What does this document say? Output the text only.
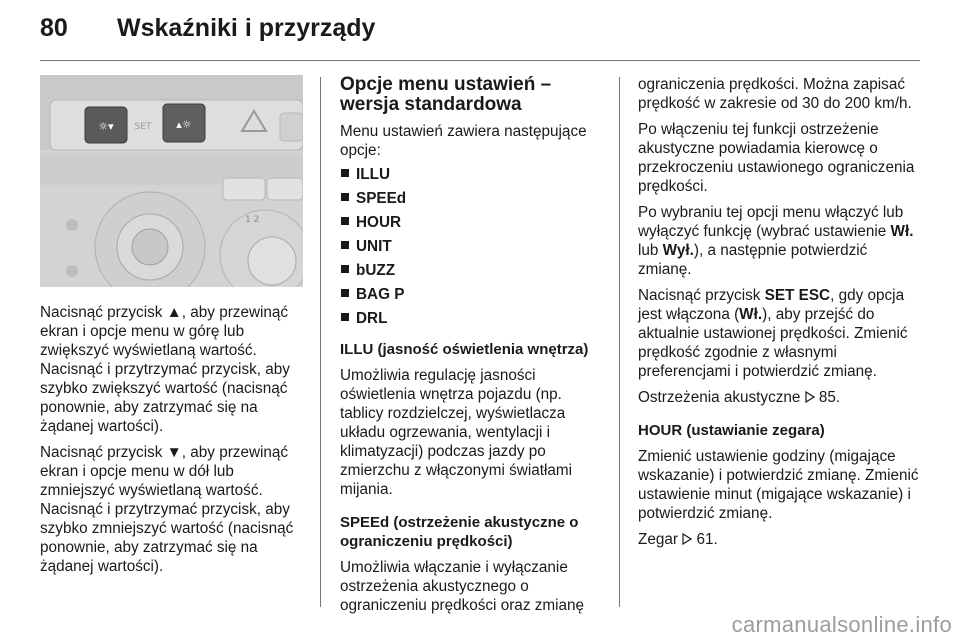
80 Wskaźniki i przyrządy
☼▾	▴☼
SET
1 2

Nacisnąć przycisk ▲, aby przewinąć ekran i opcje menu w górę lub zwiększyć wyświetlaną wartość. Nacisnąć i przytrzymać przycisk, aby szybko zwiększyć wartość (nacisnąć ponownie, aby zatrzymać się na żądanej wartości).

Nacisnąć przycisk ▼, aby przewinąć ekran i opcje menu w dół lub zmniejszyć wyświetlaną wartość. Nacisnąć i przytrzymać przycisk, aby szybko zmniejszyć wartość (nacisnąć ponownie, aby zatrzymać się na żądanej wartości).

Opcje menu ustawień – wersja standardowa

Menu ustawień zawiera następujące opcje:

ILLU
SPEEd
HOUR
UNIT
bUZZ
BAG P
DRL

ILLU (jasność oświetlenia wnętrza)

Umożliwia regulację jasności oświetlenia wnętrza pojazdu (np. tablicy rozdzielczej, wyświetlacza układu ogrzewania, wentylacji i klimatyzacji) podczas jazdy po zmierzchu z włączonymi światłami mijania.

SPEEd (ostrzeżenie akustyczne o ograniczeniu prędkości)

Umożliwia włączanie i wyłączanie ostrzeżenia akustycznego o ograniczeniu prędkości oraz zmianę

ograniczenia prędkości. Można zapisać prędkość w zakresie od 30 do 200 km/h.

Po włączeniu tej funkcji ostrzeżenie akustyczne powiadamia kierowcę o przekroczeniu ustawionego ograniczenia prędkości.

Po wybraniu tej opcji menu włączyć lub wyłączyć funkcję (wybrać ustawienie Wł. lub Wył.), a następnie potwierdzić zmianę.

Nacisnąć przycisk SET ESC, gdy opcja jest włączona (Wł.), aby przejść do aktualnie ustawionej prędkości. Zmienić prędkość zgodnie z własnymi preferencjami i potwierdzić zmianę.

Ostrzeżenia akustyczne  85.

HOUR (ustawianie zegara)

Zmienić ustawienie godziny (migające wskazanie) i potwierdzić zmianę. Zmienić ustawienie minut (migające wskazanie) i potwierdzić zmianę.

Zegar  61.

carmanualsonline.info
